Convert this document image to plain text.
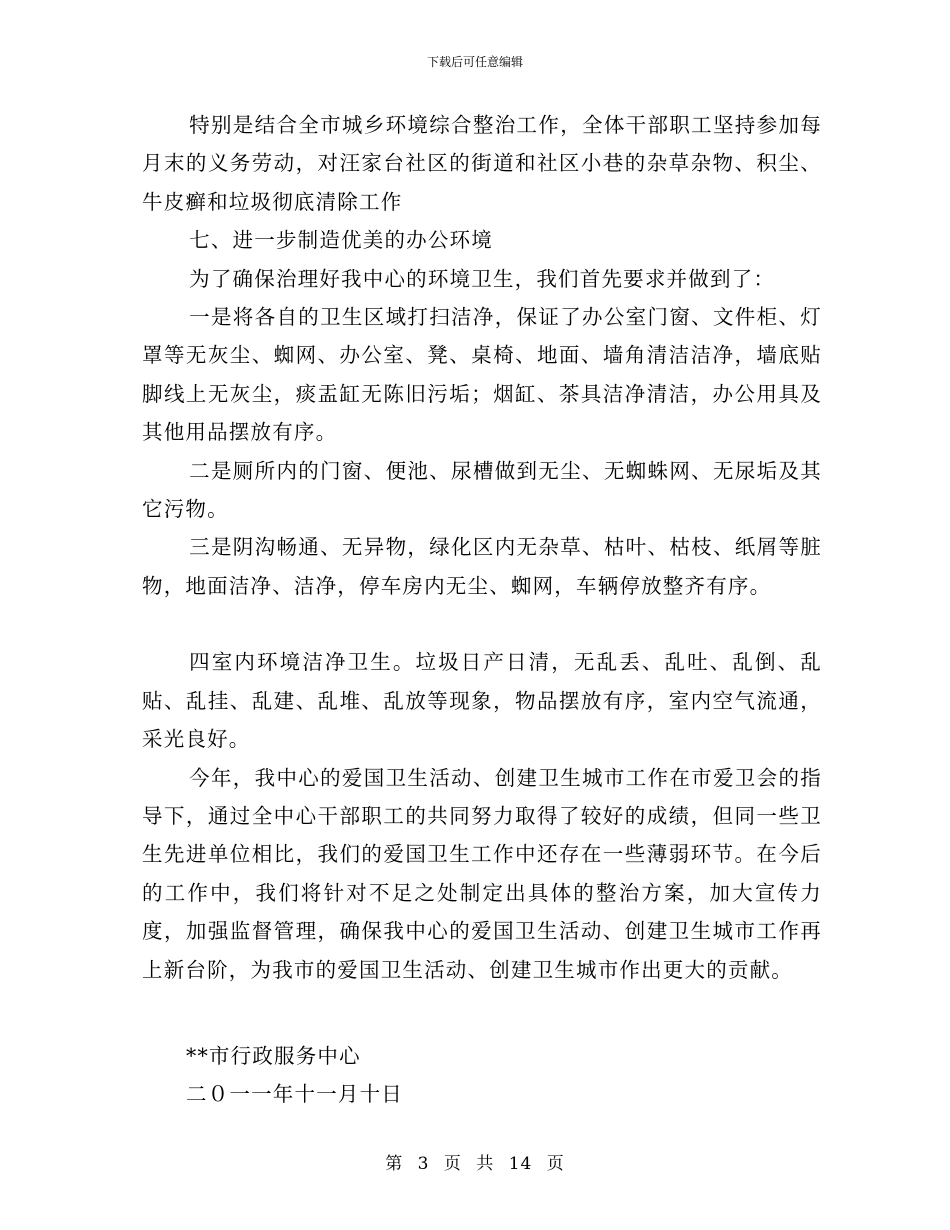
下载后可任意编辑

特别是结合全市城乡环境综合整治工作，全体干部职工坚持参加每月末的义务劳动，对汪家台社区的街道和社区小巷的杂草杂物、积尘、牛皮癣和垃圾彻底清除工作

七、进一步制造优美的办公环境

为了确保治理好我中心的环境卫生，我们首先要求并做到了：

一是将各自的卫生区域打扫洁净，保证了办公室门窗、文件柜、灯罩等无灰尘、蜘网、办公室、凳、桌椅、地面、墙角清洁洁净，墙底贴脚线上无灰尘，痰盂缸无陈旧污垢；烟缸、茶具洁净清洁，办公用具及其他用品摆放有序。

二是厕所内的门窗、便池、尿槽做到无尘、无蜘蛛网、无尿垢及其它污物。

三是阴沟畅通、无异物，绿化区内无杂草、枯叶、枯枝、纸屑等脏物，地面洁净、洁净，停车房内无尘、蜘网，车辆停放整齐有序。

四室内环境洁净卫生。垃圾日产日清，无乱丢、乱吐、乱倒、乱贴、乱挂、乱建、乱堆、乱放等现象，物品摆放有序，室内空气流通，采光良好。

今年，我中心的爱国卫生活动、创建卫生城市工作在市爱卫会的指导下，通过全中心干部职工的共同努力取得了较好的成绩，但同一些卫生先进单位相比，我们的爱国卫生工作中还存在一些薄弱环节。在今后的工作中，我们将针对不足之处制定出具体的整治方案，加大宣传力度，加强监督管理，确保我中心的爱国卫生活动、创建卫生城市工作再上新台阶，为我市的爱国卫生活动、创建卫生城市作出更大的贡献。

**市行政服务中心
二０一一年十一月十日
第 3 页 共 14 页
